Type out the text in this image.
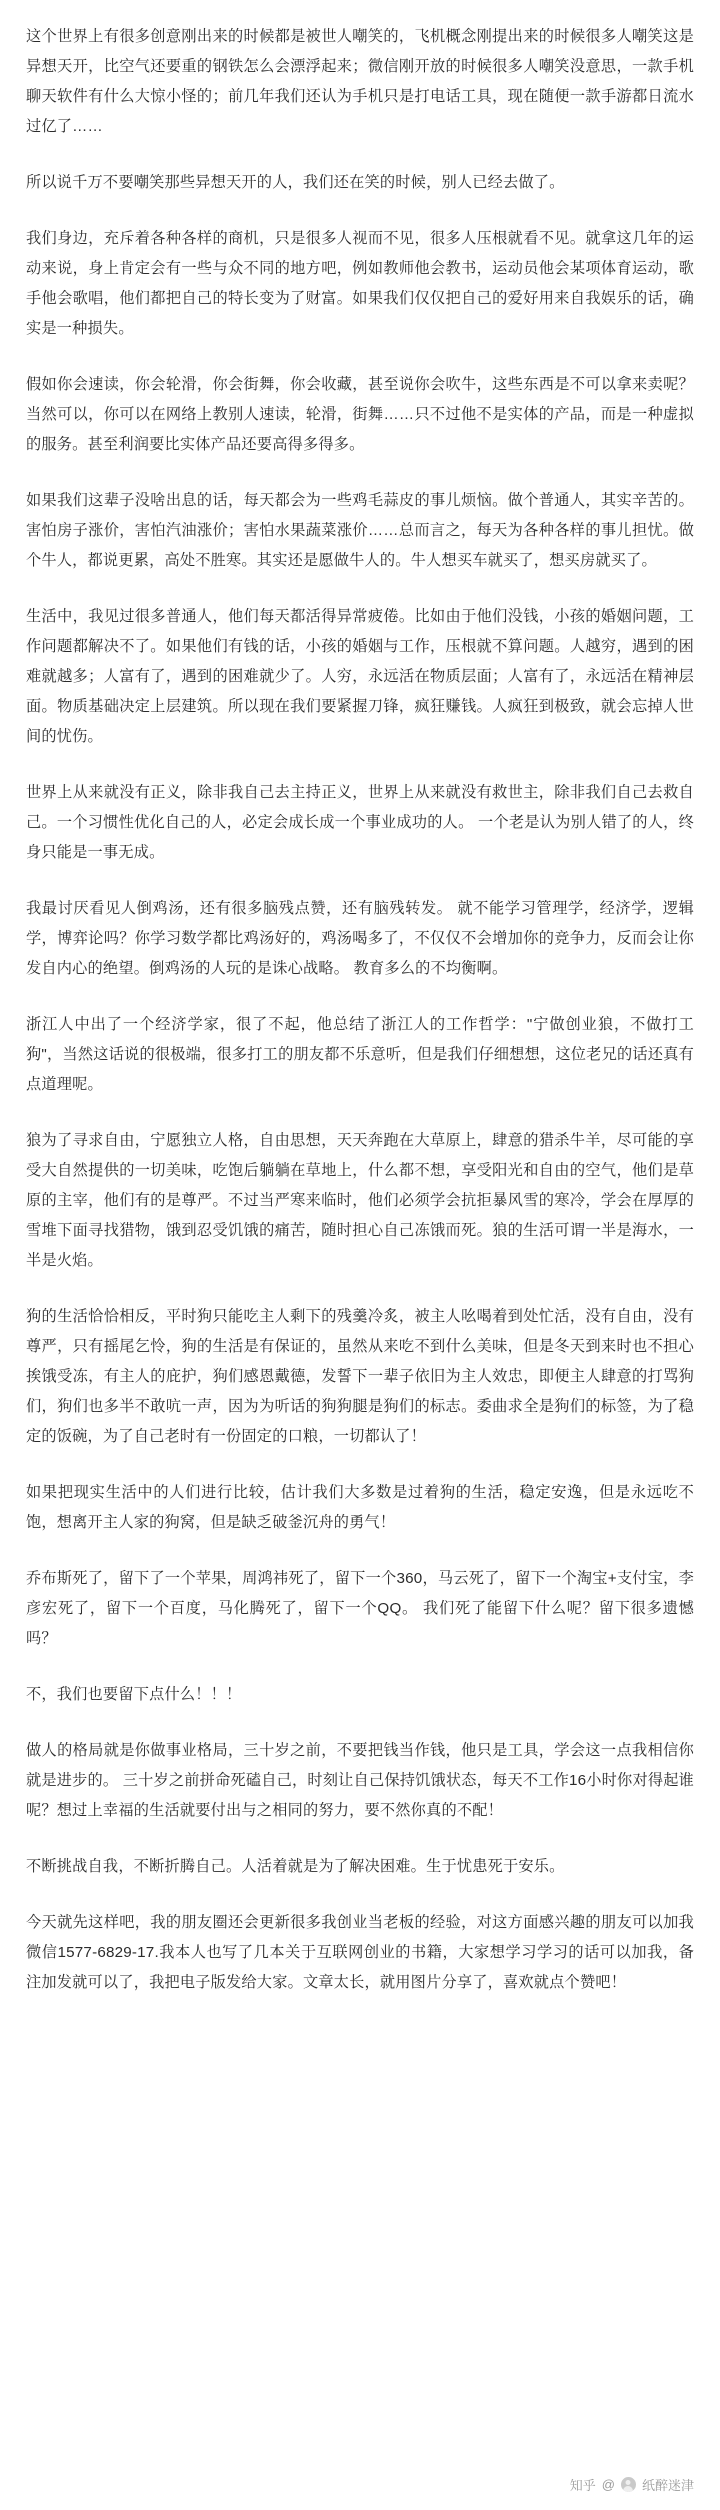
这个世界上有很多创意刚出来的时候都是被世人嘲笑的，飞机概念刚提出来的时候很多人嘲笑这是异想天开，比空气还要重的钢铁怎么会漂浮起来；微信刚开放的时候很多人嘲笑没意思，一款手机聊天软件有什么大惊小怪的；前几年我们还认为手机只是打电话工具，现在随便一款手游都日流水过亿了……

所以说千万不要嘲笑那些异想天开的人，我们还在笑的时候，别人已经去做了。

我们身边，充斥着各种各样的商机，只是很多人视而不见，很多人压根就看不见。就拿这几年的运动来说，身上肯定会有一些与众不同的地方吧，例如教师他会教书，运动员他会某项体育运动，歌手他会歌唱，他们都把自己的特长变为了财富。如果我们仅仅把自己的爱好用来自我娱乐的话，确实是一种损失。

假如你会速读，你会轮滑，你会街舞，你会收藏，甚至说你会吹牛，这些东西是不可以拿来卖呢？当然可以，你可以在网络上教别人速读，轮滑，街舞……只不过他不是实体的产品，而是一种虚拟的服务。甚至利润要比实体产品还要高得多得多。

如果我们这辈子没啥出息的话，每天都会为一些鸡毛蒜皮的事儿烦恼。做个普通人，其实辛苦的。害怕房子涨价，害怕汽油涨价；害怕水果蔬菜涨价……总而言之，每天为各种各样的事儿担忧。做个牛人，都说更累，高处不胜寒。其实还是愿做牛人的。牛人想买车就买了，想买房就买了。

生活中，我见过很多普通人，他们每天都活得异常疲倦。比如由于他们没钱，小孩的婚姻问题，工作问题都解决不了。如果他们有钱的话，小孩的婚姻与工作，压根就不算问题。人越穷，遇到的困难就越多；人富有了，遇到的困难就少了。人穷，永远活在物质层面；人富有了，永远活在精神层面。物质基础决定上层建筑。所以现在我们要紧握刀锋，疯狂赚钱。人疯狂到极致，就会忘掉人世间的忧伤。

世界上从来就没有正义，除非我自己去主持正义，世界上从来就没有救世主，除非我们自己去救自己。一个习惯性优化自己的人，必定会成长成一个事业成功的人。 一个老是认为别人错了的人，终身只能是一事无成。

我最讨厌看见人倒鸡汤，还有很多脑残点赞，还有脑残转发。 就不能学习管理学，经济学，逻辑学，博弈论吗？你学习数学都比鸡汤好的，鸡汤喝多了，不仅仅不会增加你的竞争力，反而会让你发自内心的绝望。倒鸡汤的人玩的是诛心战略。 教育多么的不均衡啊。

浙江人中出了一个经济学家，很了不起，他总结了浙江人的工作哲学："宁做创业狼，不做打工狗"，当然这话说的很极端，很多打工的朋友都不乐意听，但是我们仔细想想，这位老兄的话还真有点道理呢。

狼为了寻求自由，宁愿独立人格，自由思想，天天奔跑在大草原上，肆意的猎杀牛羊，尽可能的享受大自然提供的一切美味，吃饱后躺躺在草地上，什么都不想，享受阳光和自由的空气，他们是草原的主宰，他们有的是尊严。不过当严寒来临时，他们必须学会抗拒暴风雪的寒冷，学会在厚厚的雪堆下面寻找猎物，饿到忍受饥饿的痛苦，随时担心自己冻饿而死。狼的生活可谓一半是海水，一半是火焰。

狗的生活恰恰相反，平时狗只能吃主人剩下的残羹冷炙，被主人吆喝着到处忙活，没有自由，没有尊严，只有摇尾乞怜，狗的生活是有保证的，虽然从来吃不到什么美味，但是冬天到来时也不担心挨饿受冻，有主人的庇护，狗们感恩戴德，发誓下一辈子依旧为主人效忠，即便主人肆意的打骂狗们，狗们也多半不敢吭一声，因为为听话的狗狗腿是狗们的标志。委曲求全是狗们的标签，为了稳定的饭碗，为了自己老时有一份固定的口粮，一切都认了！

如果把现实生活中的人们进行比较，估计我们大多数是过着狗的生活，稳定安逸，但是永远吃不饱，想离开主人家的狗窝，但是缺乏破釜沉舟的勇气！

乔布斯死了，留下了一个苹果，周鸿祎死了，留下一个360，马云死了，留下一个淘宝+支付宝，李彦宏死了，留下一个百度，马化腾死了，留下一个QQ。 我们死了能留下什么呢？留下很多遗憾吗？

不，我们也要留下点什么！！！

做人的格局就是你做事业格局，三十岁之前，不要把钱当作钱，他只是工具，学会这一点我相信你就是进步的。 三十岁之前拼命死磕自己，时刻让自己保持饥饿状态，每天不工作16小时你对得起谁呢？想过上幸福的生活就要付出与之相同的努力，要不然你真的不配！

不断挑战自我，不断折腾自己。人活着就是为了解决困难。生于忧患死于安乐。

今天就先这样吧，我的朋友圈还会更新很多我创业当老板的经验，对这方面感兴趣的朋友可以加我微信1577-6829-17.我本人也写了几本关于互联网创业的书籍，大家想学习学习的话可以加我，备注加发就可以了，我把电子版发给大家。文章太长，就用图片分享了，喜欢就点个赞吧！

知乎 @ 纸醉迷津
